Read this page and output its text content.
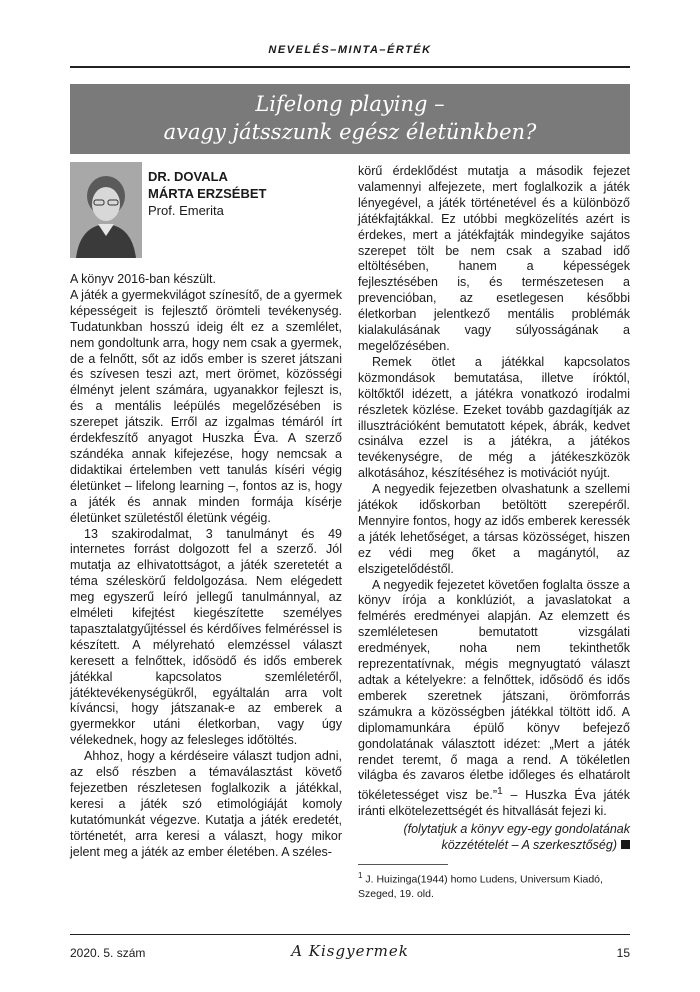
NEVELÉS–MINTA–ÉRTÉK
Lifelong playing –
avagy játsszunk egész életünkben?
DR. DOVALA
MÁRTA ERZSÉBET
Prof. Emerita

A könyv 2016-ban készült.

A játék a gyermekvilágot színesítő, de a gyermek képességeit is fejlesztő örömteli tevékenység. Tudatunkban hosszú ideig élt ez a szemlélet, nem gondoltunk arra, hogy nem csak a gyermek, de a felnőtt, sőt az idős ember is szeret játszani és szívesen teszi azt, mert örömet, közösségi élményt jelent számára, ugyanakkor fejleszt is, és a mentális leépülés megelőzésében is szerepet játszik. Erről az izgalmas témáról írt érdekfeszítő anyagot Huszka Éva. A szerző szándéka annak kifejezése, hogy nemcsak a didaktikai értelemben vett tanulás kíséri végig életünket – lifelong learning –, fontos az is, hogy a játék és annak minden formája kísérje életünket születéstől életünk végéig.

13 szakirodalmat, 3 tanulmányt és 49 internetes forrást dolgozott fel a szerző. Jól mutatja az elhivatottságot, a játék szeretetét a téma széleskörű feldolgozása. Nem elégedett meg egyszerű leíró jellegű tanulmánnyal, az elméleti kifejtést kiegészítette személyes tapasztalatgyűjtéssel és kérdőíves felméréssel is készített. A mélyreható elemzéssel választ keresett a felnőttek, idősödő és idős emberek játékkal kapcsolatos szemléletéről, játéktevékenységükről, egyáltalán arra volt kíváncsi, hogy játszanak-e az emberek a gyermekkor utáni életkorban, vagy úgy vélekednek, hogy az felesleges időtöltés.

Ahhoz, hogy a kérdéseire választ tudjon adni, az első részben a témaválasztást követő fejezetben részletesen foglalkozik a játékkal, keresi a játék szó etimológiáját komoly kutatómunkát végezve. Kutatja a játék eredetét, történetét, arra keresi a választ, hogy mikor jelent meg a játék az ember életében. A széles-

körű érdeklődést mutatja a második fejezet valamennyi alfejezete, mert foglalkozik a játék lényegével, a játék történetével és a különböző játékfajtákkal. Ez utóbbi megközelítés azért is érdekes, mert a játékfajták mindegyike sajátos szerepet tölt be nem csak a szabad idő eltöltésében, hanem a képességek fejlesztésében is, és természetesen a prevencióban, az esetlegesen későbbi életkorban jelentkező mentális problémák kialakulásának vagy súlyosságának a megelőzésében.

Remek ötlet a játékkal kapcsolatos közmondások bemutatása, illetve íróktól, költőktől idézett, a játékra vonatkozó irodalmi részletek közlése. Ezeket tovább gazdagítják az illusztrációként bemutatott képek, ábrák, kedvet csinálva ezzel is a játékra, a játékos tevékenységre, de még a játékeszközök alkotásához, készítéséhez is motivációt nyújt.

A negyedik fejezetben olvashatunk a szellemi játékok időskorban betöltött szerepéről. Mennyire fontos, hogy az idős emberek keressék a játék lehetőséget, a társas közösséget, hiszen ez védi meg őket a magánytól, az elszigetelődéstől.

A negyedik fejezetet követően foglalta össze a könyv írója a konklúziót, a javaslatokat a felmérés eredményei alapján. Az elemzett és szemléletesen bemutatott vizsgálati eredmények, noha nem tekinthetők reprezentatívnak, mégis megnyugtató választ adtak a kételyekre: a felnőttek, idősödő és idős emberek szeretnek játszani, örömforrás számukra a közösségben játékkal töltött idő. A diplomamunkára épülő könyv befejező gondolatának választott idézet: „Mert a játék rendet teremt, ő maga a rend. A tökéletlen világba és zavaros életbe időleges és elhatárolt tökéletességet visz be.”$^1$ – Huszka Éva játék iránti elkötelezettségét és hitvallását fejezi ki.

(folytatjuk a könyv egy-egy gondolatának közzétételét – A szerkesztőség)

$^1$ J. Huizinga(1944) homo Ludens, Universum Kiadó, Szeged, 19. old.

2020. 5. szám	A Kisgyermek	15
